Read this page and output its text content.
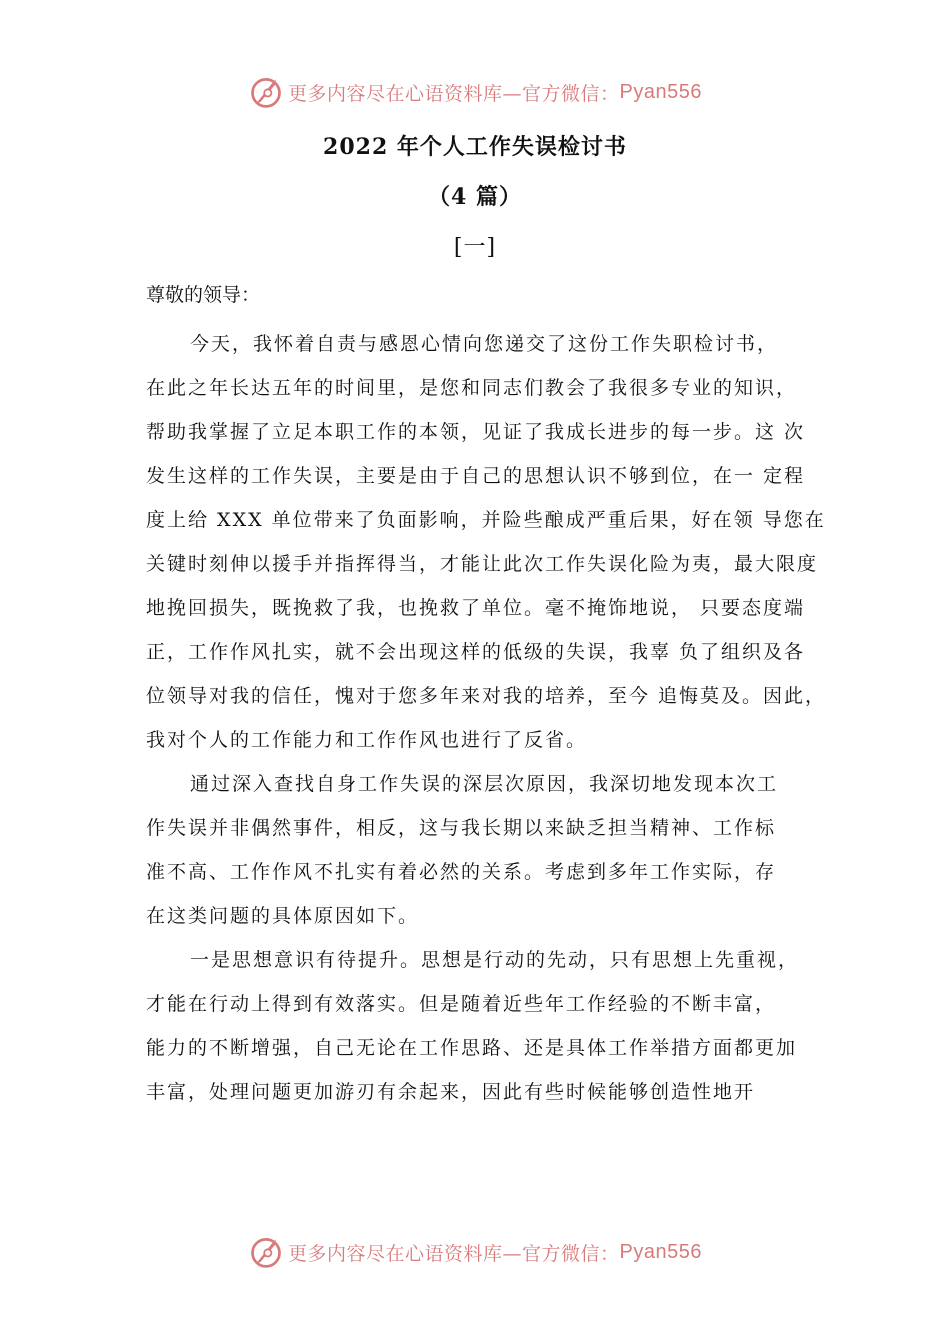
更多内容尽在心语资料库—官方微信： Pyan556
2022 年个人工作失误检讨书
（4 篇）
[一]
尊敬的领导：

今天，我怀着自责与感恩心情向您递交了这份工作失职检讨书，
在此之年长达五年的时间里，是您和同志们教会了我很多专业的知识，
帮助我掌握了立足本职工作的本领，见证了我成长进步的每一步。这 次
发生这样的工作失误，主要是由于自己的思想认识不够到位，在一 定程
度上给 XXX 单位带来了负面影响，并险些酿成严重后果，好在领 导您在
关键时刻伸以援手并指挥得当，才能让此次工作失误化险为夷，最大限度
地挽回损失，既挽救了我，也挽救了单位。毫不掩饰地说， 只要态度端
正，工作作风扎实，就不会出现这样的低级的失误，我辜 负了组织及各
位领导对我的信任，愧对于您多年来对我的培养，至今 追悔莫及。因此，
我对个人的工作能力和工作作风也进行了反省。

通过深入查找自身工作失误的深层次原因，我深切地发现本次工
作失误并非偶然事件，相反，这与我长期以来缺乏担当精神、工作标
准不高、工作作风不扎实有着必然的关系。考虑到多年工作实际，存
在这类问题的具体原因如下。

一是思想意识有待提升。思想是行动的先动，只有思想上先重视，
才能在行动上得到有效落实。但是随着近些年工作经验的不断丰富，
能力的不断增强，自己无论在工作思路、还是具体工作举措方面都更加
丰富，处理问题更加游刃有余起来，因此有些时候能够创造性地开

更多内容尽在心语资料库—官方微信： Pyan556
